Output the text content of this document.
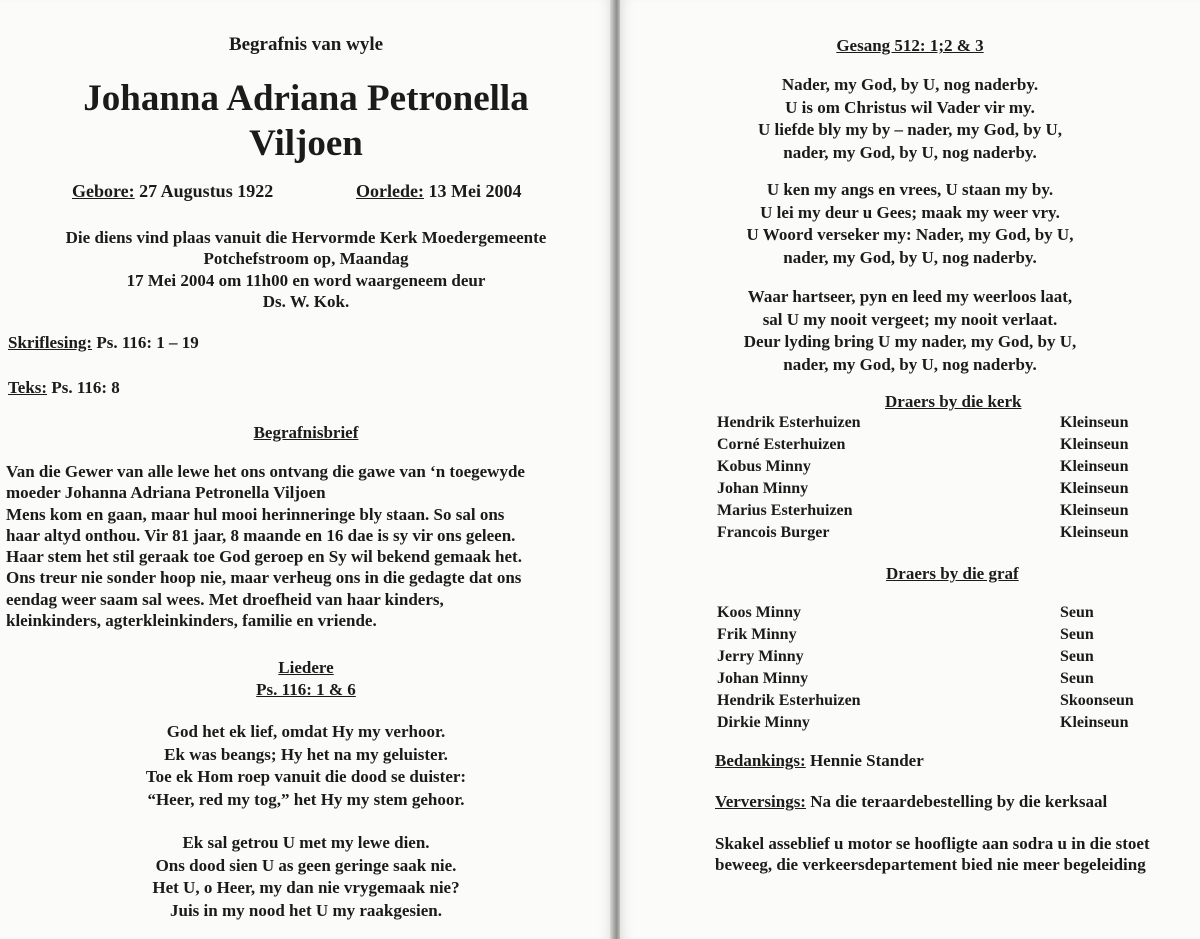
Begrafnis van wyle

Johanna Adriana Petronella

Viljoen

Gebore: 27 Augustus 1922	Oorlede: 13 Mei 2004

Die diens vind plaas vanuit die Hervormde Kerk Moedergemeente
Potchefstroom op, Maandag
17 Mei 2004 om 11h00 en word waargeneem deur
Ds. W. Kok.

Skriflesing: Ps. 116: 1 – 19

Teks: Ps. 116: 8

Begrafnisbrief

Van die Gewer van alle lewe het ons ontvang die gawe van ‘n toegewyde
moeder Johanna Adriana Petronella Viljoen
Mens kom en gaan, maar hul mooi herinneringe bly staan. So sal ons
haar altyd onthou. Vir 81 jaar, 8 maande en 16 dae is sy vir ons geleen.
Haar stem het stil geraak toe God geroep en Sy wil bekend gemaak het.
Ons treur nie sonder hoop nie, maar verheug ons in die gedagte dat ons
eendag weer saam sal wees. Met droefheid van haar kinders,
kleinkinders, agterkleinkinders, familie en vriende.

Liedere

Ps. 116: 1 & 6

God het ek lief, omdat Hy my verhoor.
Ek was beangs; Hy het na my geluister.
Toe ek Hom roep vanuit die dood se duister:
“Heer, red my tog,” het Hy my stem gehoor.
Ek sal getrou U met my lewe dien.
Ons dood sien U as geen geringe saak nie.
Het U, o Heer, my dan nie vrygemaak nie?
Juis in my nood het U my raakgesien.

Gesang 512: 1;2 & 3

Nader, my God, by U, nog naderby.
U is om Christus wil Vader vir my.
U liefde bly my by – nader, my God, by U,
nader, my God, by U, nog naderby.
U ken my angs en vrees, U staan my by.
U lei my deur u Gees; maak my weer vry.
U Woord verseker my: Nader, my God, by U,
nader, my God, by U, nog naderby.
Waar hartseer, pyn en leed my weerloos laat,
sal U my nooit vergeet; my nooit verlaat.
Deur lyding bring U my nader, my God, by U,
nader, my God, by U, nog naderby.

Draers by die kerk

Hendrik Esterhuizen	Kleinseun
Corné Esterhuizen	Kleinseun
Kobus Minny	Kleinseun
Johan Minny	Kleinseun
Marius Esterhuizen	Kleinseun
Francois Burger	Kleinseun

Draers by die graf

Koos Minny	Seun
Frik Minny	Seun
Jerry Minny	Seun
Johan Minny	Seun
Hendrik Esterhuizen	Skoonseun
Dirkie Minny	Kleinseun

Bedankings: Hennie Stander

Verversings: Na die teraardebestelling by die kerksaal

Skakel asseblief u motor se hoofligte aan sodra u in die stoet
beweeg, die verkeersdepartement bied nie meer begeleiding
